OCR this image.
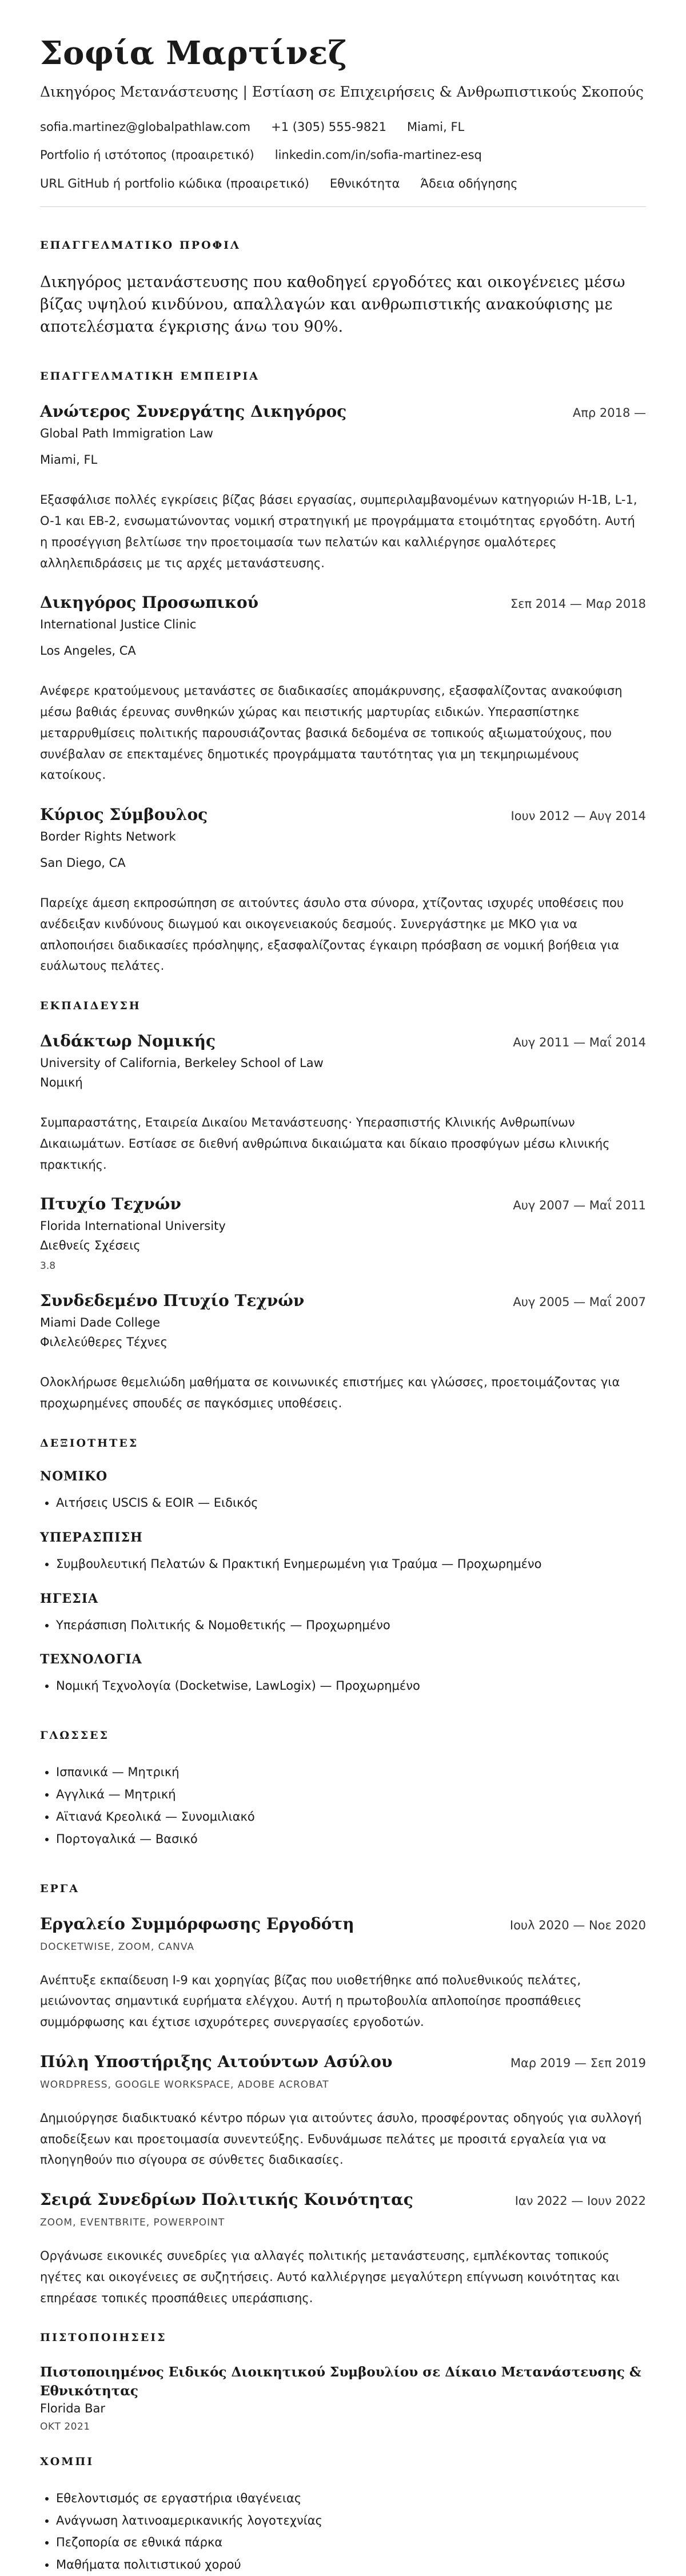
Σοφία Μαρτίνεζ
Δικηγόρος Μετανάστευσης | Εστίαση σε Επιχειρήσεις & Ανθρωπιστικούς Σκοπούς
sofia.martinez@globalpathlaw.com +1 (305) 555-9821 Miami, FL
Portfolio ή ιστότοπος (προαιρετικό) linkedin.com/in/sofia-martinez-esq
URL GitHub ή portfolio κώδικα (προαιρετικό) Εθνικότητα Άδεια οδήγησης
ΕΠΑΓΓΕΛΜΑΤΙΚΟ ΠΡΟΦΙΛ

Δικηγόρος μετανάστευσης που καθοδηγεί εργοδότες και οικογένειες μέσω βίζας υψηλού κινδύνου, απαλλαγών και ανθρωπιστικής ανακούφισης με αποτελέσματα έγκρισης άνω του 90%.

ΕΠΑΓΓΕΛΜΑΤΙΚΗ ΕΜΠΕΙΡΙΑ
Ανώτερος Συνεργάτης Δικηγόρος	Απρ 2018 —
Global Path Immigration Law
Miami, FL
Εξασφάλισε πολλές εγκρίσεις βίζας βάσει εργασίας, συμπεριλαμβανομένων κατηγοριών H-1B, L-1, O-1 και EB-2, ενσωματώνοντας νομική στρατηγική με προγράμματα ετοιμότητας εργοδότη. Αυτή η προσέγγιση βελτίωσε την προετοιμασία των πελατών και καλλιέργησε ομαλότερες αλληλεπιδράσεις με τις αρχές μετανάστευσης.
Δικηγόρος Προσωπικού	Σεπ 2014 — Μαρ 2018
International Justice Clinic
Los Angeles, CA
Ανέφερε κρατούμενους μετανάστες σε διαδικασίες απομάκρυνσης, εξασφαλίζοντας ανακούφιση μέσω βαθιάς έρευνας συνθηκών χώρας και πειστικής μαρτυρίας ειδικών. Υπερασπίστηκε μεταρρυθμίσεις πολιτικής παρουσιάζοντας βασικά δεδομένα σε τοπικούς αξιωματούχους, που συνέβαλαν σε επεκταμένες δημοτικές προγράμματα ταυτότητας για μη τεκμηριωμένους κατοίκους.
Κύριος Σύμβουλος	Ιουν 2012 — Αυγ 2014
Border Rights Network
San Diego, CA
Παρείχε άμεση εκπροσώπηση σε αιτούντες άσυλο στα σύνορα, χτίζοντας ισχυρές υποθέσεις που ανέδειξαν κινδύνους διωγμού και οικογενειακούς δεσμούς. Συνεργάστηκε με ΜΚΟ για να απλοποιήσει διαδικασίες πρόσληψης, εξασφαλίζοντας έγκαιρη πρόσβαση σε νομική βοήθεια για ευάλωτους πελάτες.
ΕΚΠΑΙΔΕΥΣΗ
Διδάκτωρ Νομικής	Αυγ 2011 — Μαΐ 2014
University of California, Berkeley School of Law
Νομική
Συμπαραστάτης, Εταιρεία Δικαίου Μετανάστευσης· Υπερασπιστής Κλινικής Ανθρωπίνων Δικαιωμάτων. Εστίασε σε διεθνή ανθρώπινα δικαιώματα και δίκαιο προσφύγων μέσω κλινικής πρακτικής.
Πτυχίο Τεχνών	Αυγ 2007 — Μαΐ 2011
Florida International University
Διεθνείς Σχέσεις
3.8
Συνδεδεμένο Πτυχίο Τεχνών	Αυγ 2005 — Μαΐ 2007
Miami Dade College
Φιλελεύθερες Τέχνες
Ολοκλήρωσε θεμελιώδη μαθήματα σε κοινωνικές επιστήμες και γλώσσες, προετοιμάζοντας για προχωρημένες σπουδές σε παγκόσμιες υποθέσεις.
ΔΕΞΙΟΤΗΤΕΣ
ΝΟΜΙΚΟ
• Αιτήσεις USCIS & EOIR — Ειδικός
ΥΠΕΡΑΣΠΙΣΗ
• Συμβουλευτική Πελατών & Πρακτική Ενημερωμένη για Τραύμα — Προχωρημένο
ΗΓΕΣΙΑ
• Υπεράσπιση Πολιτικής & Νομοθετικής — Προχωρημένο
ΤΕΧΝΟΛΟΓΙΑ
• Νομική Τεχνολογία (Docketwise, LawLogix) — Προχωρημένο
ΓΛΩΣΣΕΣ
• Ισπανικά — Μητρική
• Αγγλικά — Μητρική
• Αϊτιανά Κρεολικά — Συνομιλιακό
• Πορτογαλικά — Βασικό
ΕΡΓΑ
Εργαλείο Συμμόρφωσης Εργοδότη	Ιουλ 2020 — Νοε 2020
DOCKETWISE, ZOOM, CANVA
Ανέπτυξε εκπαίδευση I-9 και χορηγίας βίζας που υιοθετήθηκε από πολυεθνικούς πελάτες, μειώνοντας σημαντικά ευρήματα ελέγχου. Αυτή η πρωτοβουλία απλοποίησε προσπάθειες συμμόρφωσης και έχτισε ισχυρότερες συνεργασίες εργοδοτών.
Πύλη Υποστήριξης Αιτούντων Ασύλου	Μαρ 2019 — Σεπ 2019
WORDPRESS, GOOGLE WORKSPACE, ADOBE ACROBAT
Δημιούργησε διαδικτυακό κέντρο πόρων για αιτούντες άσυλο, προσφέροντας οδηγούς για συλλογή αποδείξεων και προετοιμασία συνεντεύξης. Ενδυνάμωσε πελάτες με προσιτά εργαλεία για να πλοηγηθούν πιο σίγουρα σε σύνθετες διαδικασίες.
Σειρά Συνεδρίων Πολιτικής Κοινότητας	Ιαν 2022 — Ιουν 2022
ZOOM, EVENTBRITE, POWERPOINT
Οργάνωσε εικονικές συνεδρίες για αλλαγές πολιτικής μετανάστευσης, εμπλέκοντας τοπικούς ηγέτες και οικογένειες σε συζητήσεις. Αυτό καλλιέργησε μεγαλύτερη επίγνωση κοινότητας και επηρέασε τοπικές προσπάθειες υπεράσπισης.
ΠΙΣΤΟΠΟΙΗΣΕΙΣ
Πιστοποιημένος Ειδικός Διοικητικού Συμβουλίου σε Δίκαιο Μετανάστευσης & Εθνικότητας
Florida Bar
ΟΚΤ 2021
ΧΟΜΠΙ
• Εθελοντισμός σε εργαστήρια ιθαγένειας
• Ανάγνωση λατινοαμερικανικής λογοτεχνίας
• Πεζοπορία σε εθνικά πάρκα
• Μαθήματα πολιτιστικού χορού
